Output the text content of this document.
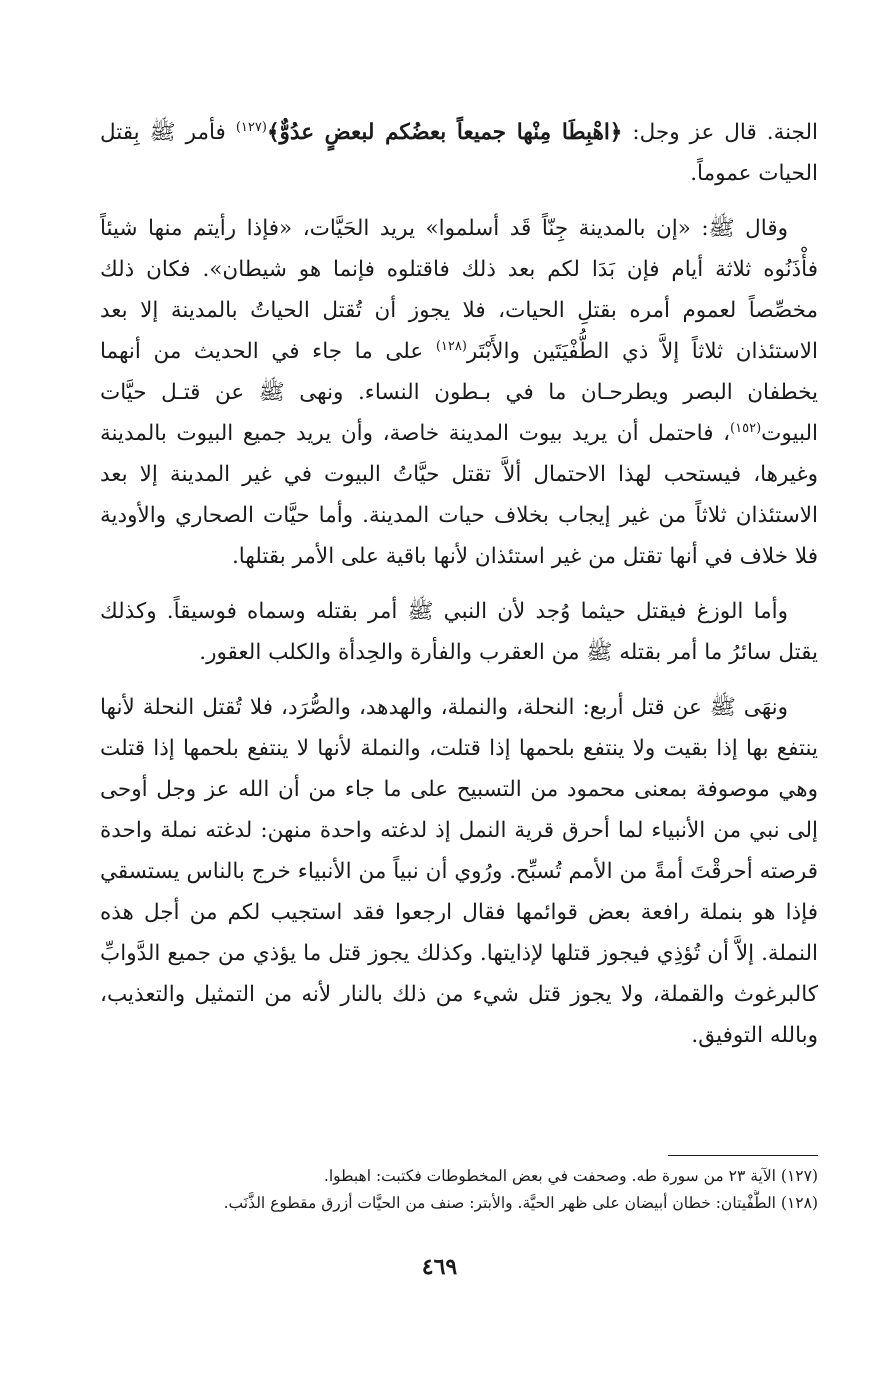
الجنة. قال عز وجل: ﴿اهْبِطَا مِنْها جميعاً بعضُكم لبعضٍ عدُوٌّ﴾$^{(١٢٧)}$ فأمر ﷺ بِقتل الحيات عموماً.

وقال ﷺ: «إن بالمدينة جِنّاً قَد أسلموا» يريد الحَيَّات، «فإذا رأيتم منها شيئاً فأْذَنُوه ثلاثة أيام فإن بَدَا لكم بعد ذلك فاقتلوه فإنما هو شيطان». فكان ذلك مخصِّصاً لعموم أمره بقتلِ الحيات، فلا يجوز أن تُقتل الحياتُ بالمدينة إلا بعد الاستئذان ثلاثاً إلاَّ ذي الطُّفْيَتَين والأَبْتَر$^{(١٢٨)}$ على ما جاء في الحديث من أنهما يخطفان البصر ويطرحـان ما في بـطون النساء. ونهى ﷺ عن قتـل حيَّات البيوت$^{(١٥٢)}$، فاحتمل أن يريد بيوت المدينة خاصة، وأن يريد جميع البيوت بالمدينة وغيرها، فيستحب لهذا الاحتمال ألاَّ تقتل حيَّاتُ البيوت في غير المدينة إلا بعد الاستئذان ثلاثاً من غير إيجاب بخلاف حيات المدينة. وأما حيَّات الصحاري والأودية فلا خلاف في أنها تقتل من غير استئذان لأنها باقية على الأمر بقتلها.

وأما الوزغ فيقتل حيثما وُجد لأن النبي ﷺ أمر بقتله وسماه فوسيقاً. وكذلك يقتل سائرُ ما أمر بقتله ﷺ من العقرب والفأرة والحِدأة والكلب العقور.

ونهَى ﷺ عن قتل أربع: النحلة، والنملة، والهدهد، والصُّرَد، فلا تُقتل النحلة لأنها ينتفع بها إذا بقيت ولا ينتفع بلحمها إذا قتلت، والنملة لأنها لا ينتفع بلحمها إذا قتلت وهي موصوفة بمعنى محمود من التسبيح على ما جاء من أن الله عز وجل أوحى إلى نبي من الأنبياء لما أحرق قرية النمل إذ لدغته واحدة منهن: لدغته نملة واحدة قرصته أحرقْتَ أمةً من الأمم تُسبِّح. ورُوي أن نبياً من الأنبياء خرج بالناس يستسقي فإذا هو بنملة رافعة بعض قوائمها فقال ارجعوا فقد استجيب لكم من أجل هذه النملة. إلاَّ أن تُؤذِي فيجوز قتلها لإذايتها. وكذلك يجوز قتل ما يؤذي من جميع الدَّوابِّ كالبرغوث والقملة، ولا يجوز قتل شيء من ذلك بالنار لأنه من التمثيل والتعذيب، وبالله التوفيق.

(١٢٧) الآية ٢٣ من سورة طه. وصحفت في بعض المخطوطات فكتبت: اهبطوا.

(١٢٨) الطُّفْيتان: خطان أبيضان على ظهر الحيَّة. والأبتر: صنف من الحيَّات أزرق مقطوع الذَّنَب.

٤٦٩
